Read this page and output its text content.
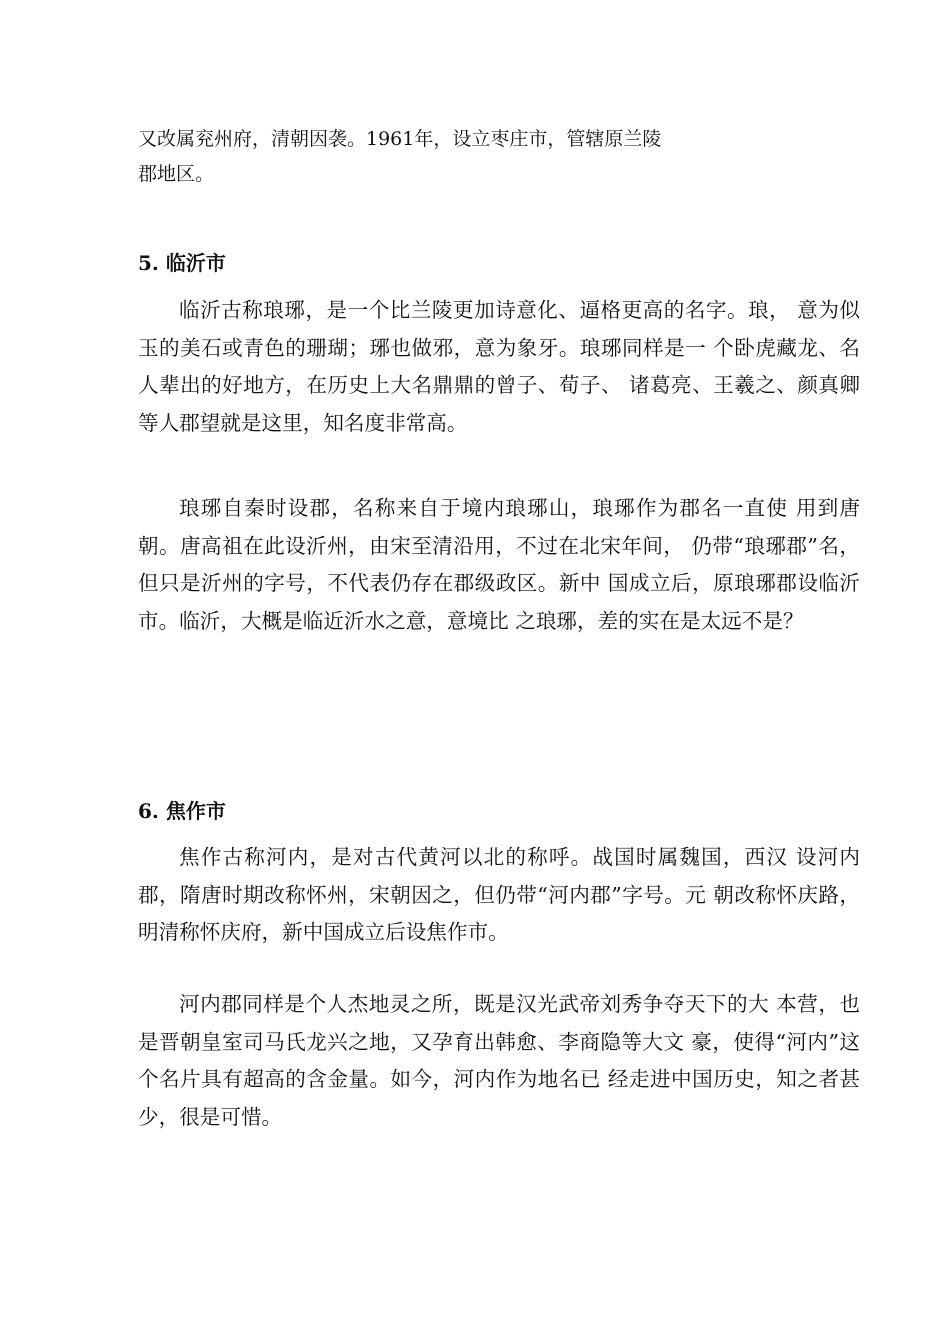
又改属兖州府，清朝因袭。1961年，设立枣庄市，管辖原兰陵
郡地区。

5. 临沂市

临沂古称琅琊，是一个比兰陵更加诗意化、逼格更高的名字。琅， 意为似玉的美石或青色的珊瑚；琊也做邪，意为象牙。琅琊同样是一 个卧虎藏龙、名人辈出的好地方，在历史上大名鼎鼎的曾子、荀子、 诸葛亮、王羲之、颜真卿等人郡望就是这里，知名度非常高。

琅琊自秦时设郡，名称来自于境内琅琊山，琅琊作为郡名一直使 用到唐朝。唐高祖在此设沂州，由宋至清沿用，不过在北宋年间， 仍带“琅琊郡”名，但只是沂州的字号，不代表仍存在郡级政区。新中 国成立后，原琅琊郡设临沂市。临沂，大概是临近沂水之意，意境比 之琅琊，差的实在是太远不是？

6. 焦作市

焦作古称河内，是对古代黄河以北的称呼。战国时属魏国，西汉 设河内郡，隋唐时期改称怀州，宋朝因之，但仍带“河内郡”字号。元 朝改称怀庆路，明清称怀庆府，新中国成立后设焦作市。

河内郡同样是个人杰地灵之所，既是汉光武帝刘秀争夺天下的大 本营，也是晋朝皇室司马氏龙兴之地，又孕育出韩愈、李商隐等大文 豪，使得“河内”这个名片具有超高的含金量。如今，河内作为地名已 经走进中国历史，知之者甚少，很是可惜。
